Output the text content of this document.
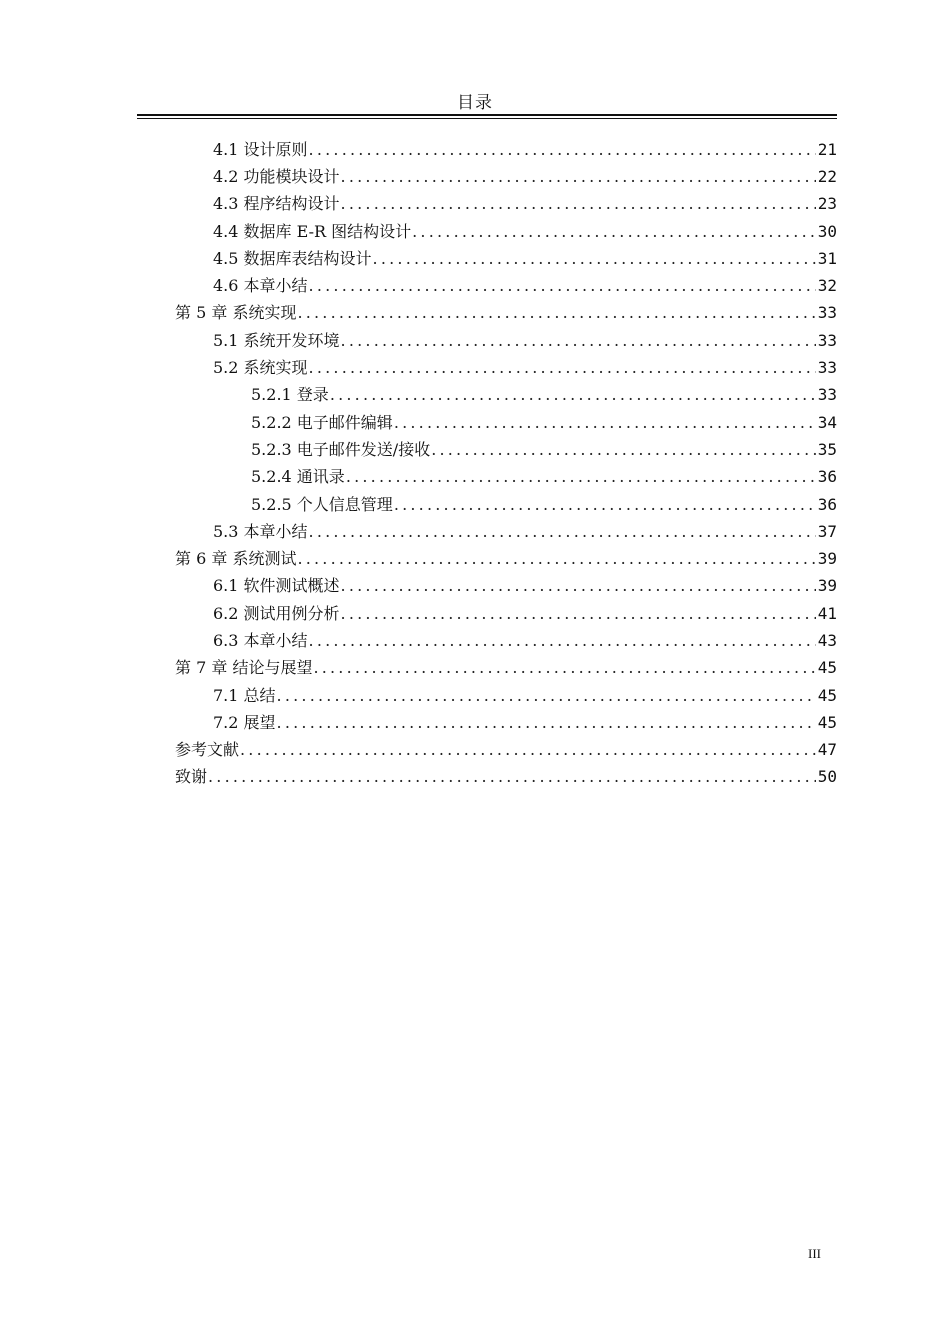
目录
4.1 设计原则 .....	21
4.2 功能模块设计 .....	22
4.3 程序结构设计 .....	23
4.4 数据库 E-R 图结构设计 .....	30
4.5 数据库表结构设计 .....	31
4.6 本章小结 .....	32
第 5 章 系统实现 .....	33
5.1 系统开发环境 .....	33
5.2 系统实现 .....	33
5.2.1 登录 .....	33
5.2.2 电子邮件编辑 .....	34
5.2.3 电子邮件发送/接收 .....	35
5.2.4 通讯录 .....	36
5.2.5 个人信息管理 .....	36
5.3 本章小结 .....	37
第 6 章 系统测试 .....	39
6.1 软件测试概述 .....	39
6.2 测试用例分析 .....	41
6.3 本章小结 .....	43
第 7 章 结论与展望 .....	45
7.1 总结 .....	45
7.2 展望 .....	45
参考文献 .....	47
致谢 .....	50
III
